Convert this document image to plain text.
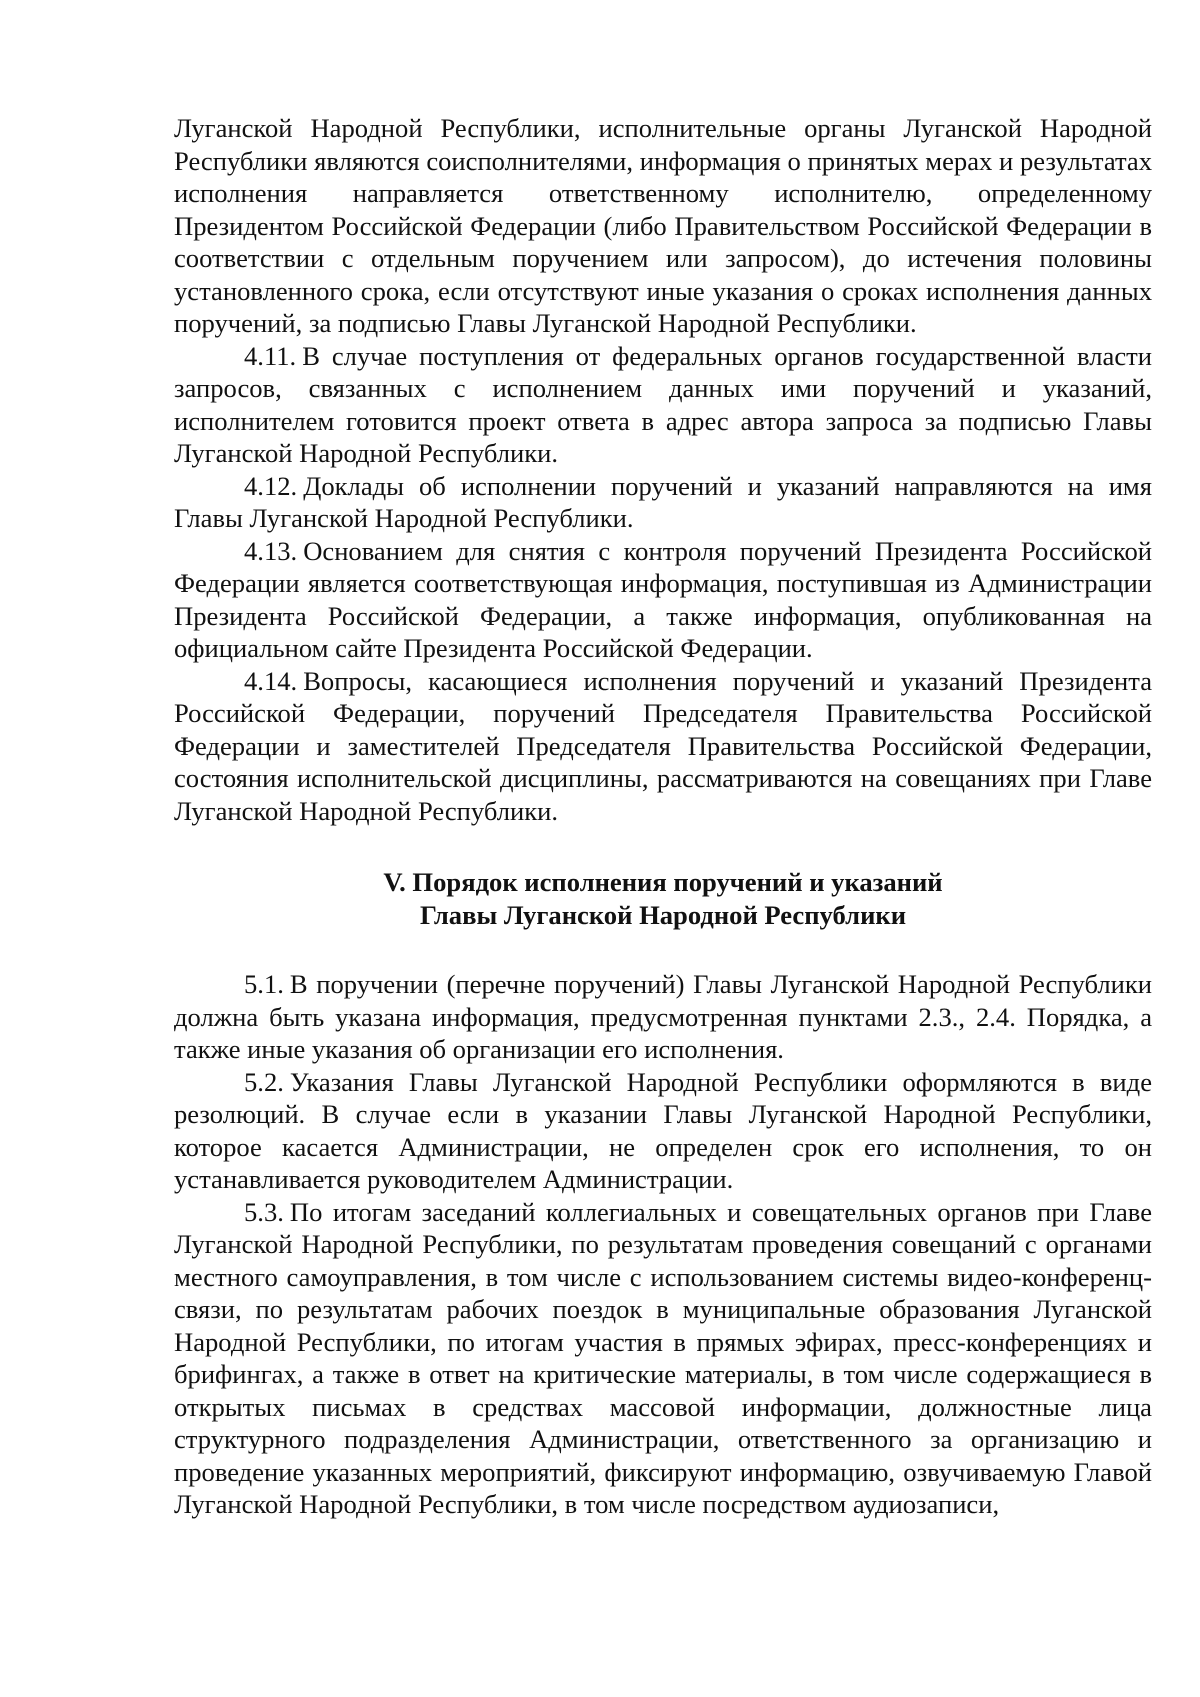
Луганской Народной Республики, исполнительные органы Луганской Народной Республики являются соисполнителями, информация о принятых мерах и результатах исполнения направляется ответственному исполнителю, определенному Президентом Российской Федерации (либо Правительством Российской Федерации в соответствии с отдельным поручением или запросом), до истечения половины установленного срока, если отсутствуют иные указания о сроках исполнения данных поручений, за подписью Главы Луганской Народной Республики.

4.11. В случае поступления от федеральных органов государственной власти запросов, связанных с исполнением данных ими поручений и указаний, исполнителем готовится проект ответа в адрес автора запроса за подписью Главы Луганской Народной Республики.

4.12. Доклады об исполнении поручений и указаний направляются на имя Главы Луганской Народной Республики.

4.13. Основанием для снятия с контроля поручений Президента Российской Федерации является соответствующая информация, поступившая из Администрации Президента Российской Федерации, а также информация, опубликованная на официальном сайте Президента Российской Федерации.

4.14. Вопросы, касающиеся исполнения поручений и указаний Президента Российской Федерации, поручений Председателя Правительства Российской Федерации и заместителей Председателя Правительства Российской Федерации, состояния исполнительской дисциплины, рассматриваются на совещаниях при Главе Луганской Народной Республики.

V. Порядок исполнения поручений и указаний
Главы Луганской Народной Республики

5.1. В поручении (перечне поручений) Главы Луганской Народной Республики должна быть указана информация, предусмотренная пунктами 2.3., 2.4. Порядка, а также иные указания об организации его исполнения.

5.2. Указания Главы Луганской Народной Республики оформляются в виде резолюций. В случае если в указании Главы Луганской Народной Республики, которое касается Администрации, не определен срок его исполнения, то он устанавливается руководителем Администрации.

5.3. По итогам заседаний коллегиальных и совещательных органов при Главе Луганской Народной Республики, по результатам проведения совещаний с органами местного самоуправления, в том числе с использованием системы видео-конференц-связи, по результатам рабочих поездок в муниципальные образования Луганской Народной Республики, по итогам участия в прямых эфирах, пресс-конференциях и брифингах, а также в ответ на критические материалы, в том числе содержащиеся в открытых письмах в средствах массовой информации, должностные лица структурного подразделения Администрации, ответственного за организацию и проведение указанных мероприятий, фиксируют информацию, озвучиваемую Главой Луганской Народной Республики, в том числе посредством аудиозаписи,
